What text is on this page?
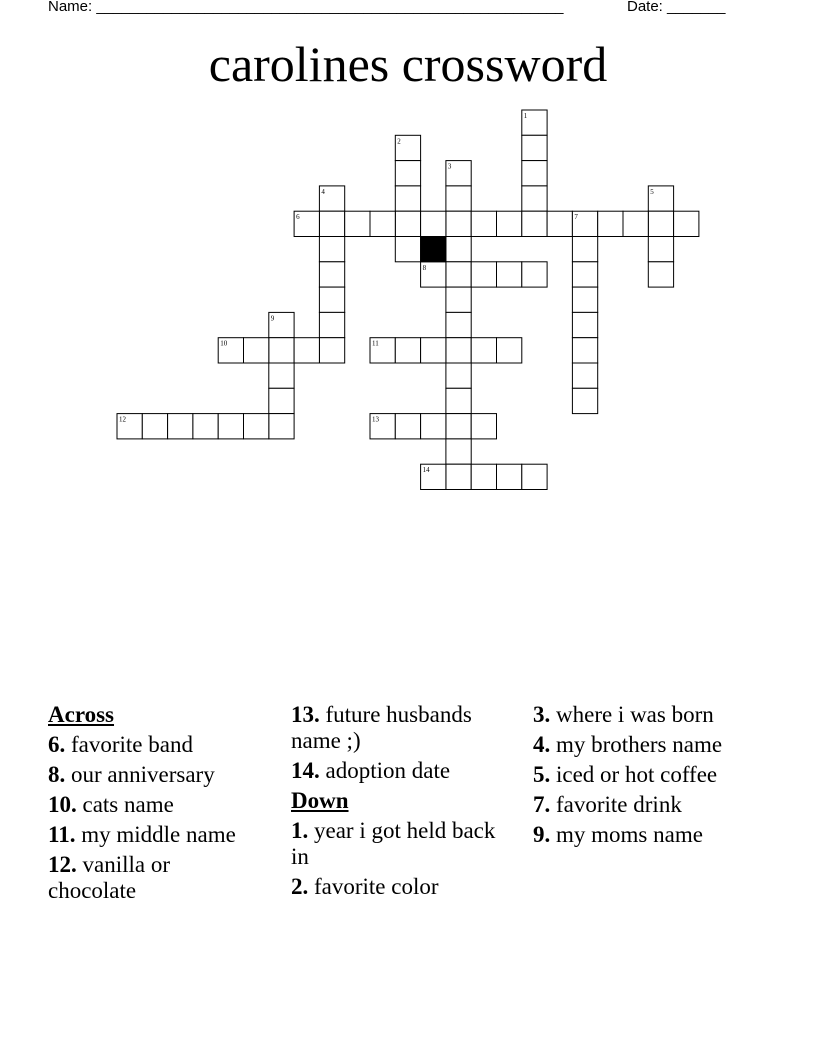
Name: ________________________________________________________	Date: _______
carolines crossword
1
2
3
4	5
6	7
8
9
10	11
12	13
14
Across
6. favorite band
8. our anniversary
10. cats name
11. my middle name
12. vanilla or chocolate
13. future husbands name ;)
14. adoption date
Down
1. year i got held back in
2. favorite color
3. where i was born
4. my brothers name
5. iced or hot coffee
7. favorite drink
9. my moms name
